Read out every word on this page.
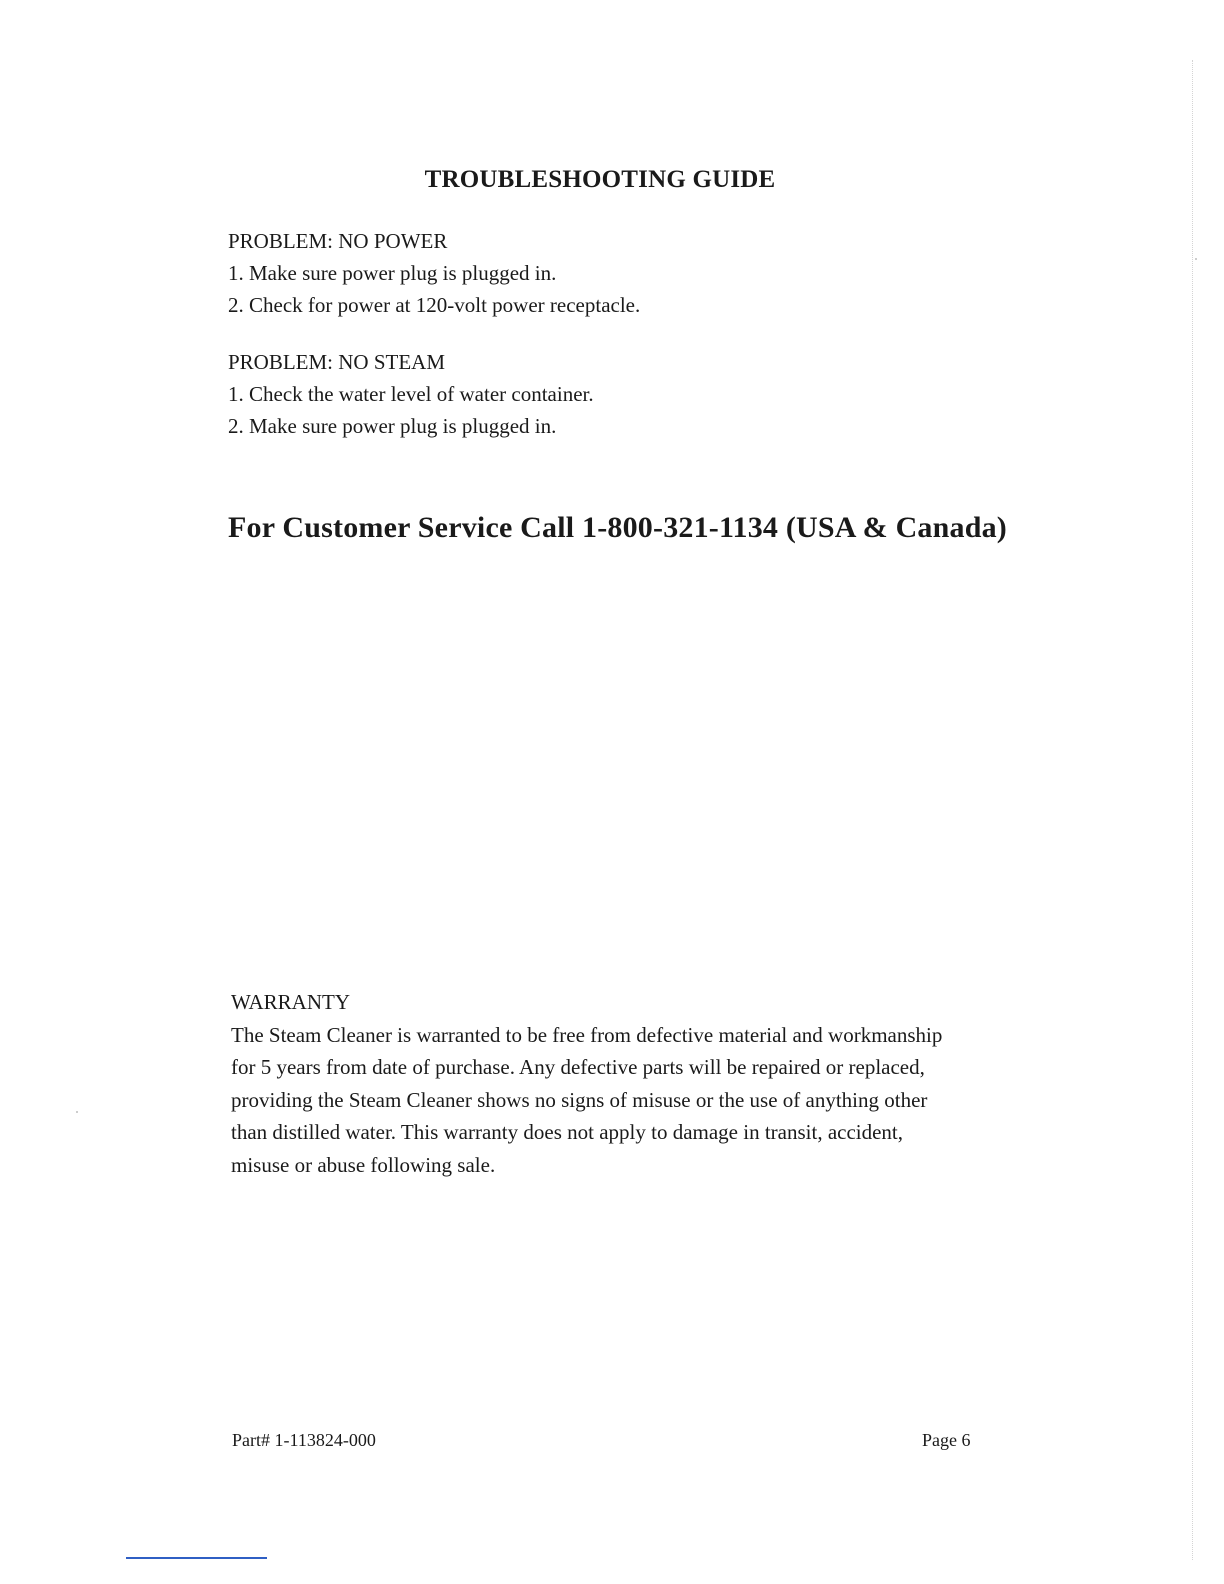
TROUBLESHOOTING GUIDE

PROBLEM: NO POWER

1. Make sure power plug is plugged in.

2. Check for power at 120-volt power receptacle.

PROBLEM: NO STEAM

1. Check the water level of water container.

2. Make sure power plug is plugged in.

For Customer Service Call 1-800-321-1134 (USA & Canada)

WARRANTY

The Steam Cleaner is warranted to be free from defective material and workmanship

for 5 years from date of purchase. Any defective parts will be repaired or replaced,

providing the Steam Cleaner shows no signs of misuse or the use of anything other

than distilled water. This warranty does not apply to damage in transit, accident,

misuse or abuse following sale.

Part# 1-113824-000	Page 6
